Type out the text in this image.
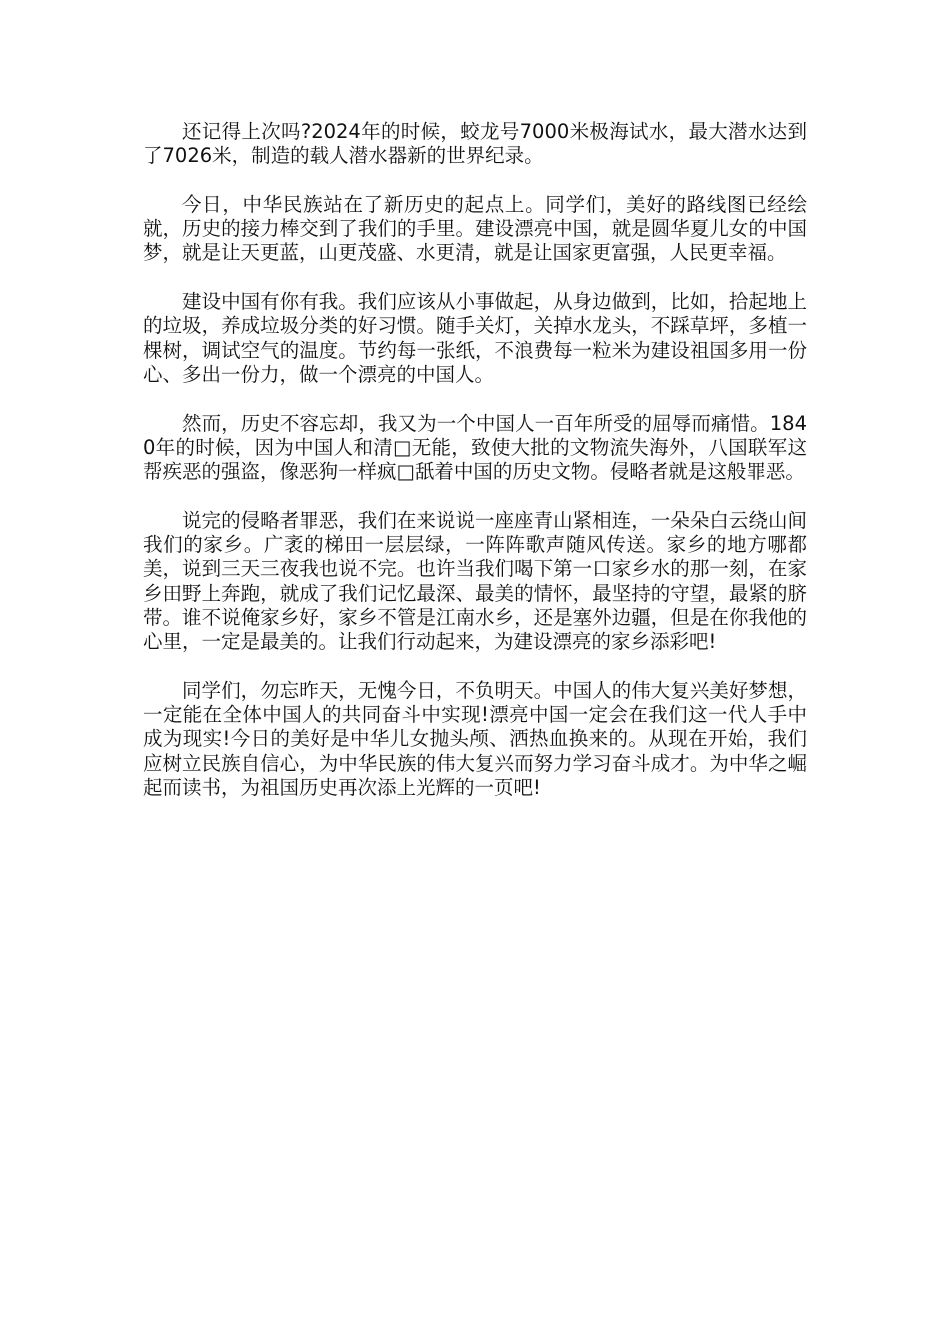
还记得上次吗?2024年的时候，蛟龙号7000米极海试水，最大潜水达到了7026米，制造的载人潜水器新的世界纪录。

今日，中华民族站在了新历史的起点上。同学们，美好的路线图已经绘就，历史的接力棒交到了我们的手里。建设漂亮中国，就是圆华夏儿女的中国梦，就是让天更蓝，山更茂盛、水更清，就是让国家更富强，人民更幸福。

建设中国有你有我。我们应该从小事做起，从身边做到，比如，拾起地上的垃圾，养成垃圾分类的好习惯。随手关灯，关掉水龙头，不踩草坪，多植一棵树，调试空气的温度。节约每一张纸，不浪费每一粒米为建设祖国多用一份心、多出一份力，做一个漂亮的中国人。

然而，历史不容忘却，我又为一个中国人一百年所受的屈辱而痛惜。1840年的时候，因为中国人和清□无能，致使大批的文物流失海外，八国联军这帮疾恶的强盗，像恶狗一样疯□舐着中国的历史文物。侵略者就是这般罪恶。

说完的侵略者罪恶，我们在来说说一座座青山紧相连，一朵朵白云绕山间我们的家乡。广袤的梯田一层层绿，一阵阵歌声随风传送。家乡的地方哪都美，说到三天三夜我也说不完。也许当我们喝下第一口家乡水的那一刻，在家乡田野上奔跑，就成了我们记忆最深、最美的情怀，最坚持的守望，最紧的脐带。谁不说俺家乡好，家乡不管是江南水乡，还是塞外边疆，但是在你我他的心里，一定是最美的。让我们行动起来，为建设漂亮的家乡添彩吧!

同学们，勿忘昨天，无愧今日，不负明天。中国人的伟大复兴美好梦想，一定能在全体中国人的共同奋斗中实现!漂亮中国一定会在我们这一代人手中成为现实!今日的美好是中华儿女抛头颅、洒热血换来的。从现在开始，我们应树立民族自信心，为中华民族的伟大复兴而努力学习奋斗成才。为中华之崛起而读书，为祖国历史再次添上光辉的一页吧!
